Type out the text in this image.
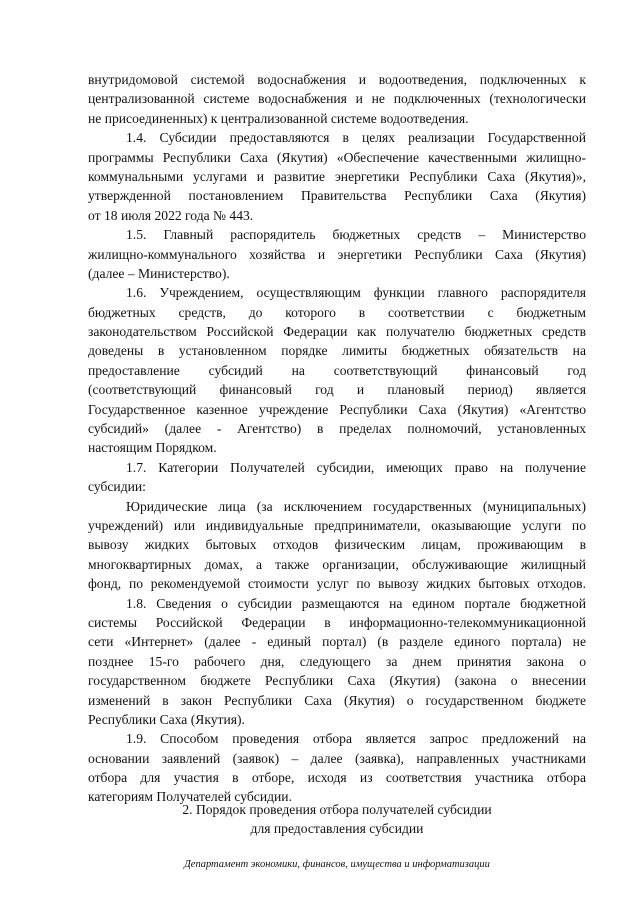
внутридомовой системой водоснабжения и водоотведения, подключенных к
централизованной системе водоснабжения и не подключенных (технологически
не присоединенных) к централизованной системе водоотведения.
1.4. Субсидии предоставляются в целях реализации Государственной
программы Республики Саха (Якутия) «Обеспечение качественными жилищно-
коммунальными услугами и развитие энергетики Республики Саха (Якутия)»,
утвержденной постановлением Правительства Республики Саха (Якутия)
от 18 июля 2022 года № 443.
1.5. Главный распорядитель бюджетных средств – Министерство
жилищно-коммунального хозяйства и энергетики Республики Саха (Якутия)
(далее – Министерство).
1.6. Учреждением, осуществляющим функции главного распорядителя
бюджетных средств, до которого в соответствии с бюджетным
законодательством Российской Федерации как получателю бюджетных средств
доведены в установленном порядке лимиты бюджетных обязательств на
предоставление субсидий на соответствующий финансовый год
(соответствующий финансовый год и плановый период) является
Государственное казенное учреждение Республики Саха (Якутия) «Агентство
субсидий» (далее - Агентство) в пределах полномочий, установленных
настоящим Порядком.
1.7. Категории Получателей субсидии, имеющих право на получение
субсидии:
Юридические лица (за исключением государственных (муниципальных)
учреждений) или индивидуальные предприниматели, оказывающие услуги по
вывозу жидких бытовых отходов физическим лицам, проживающим в
многоквартирных домах, а также организации, обслуживающие жилищный
фонд, по рекомендуемой стоимости услуг по вывозу жидких бытовых отходов.
1.8. Сведения о субсидии размещаются на едином портале бюджетной
системы Российской Федерации в информационно-телекоммуникационной
сети «Интернет» (далее - единый портал) (в разделе единого портала) не
позднее 15-го рабочего дня, следующего за днем принятия закона о
государственном бюджете Республики Саха (Якутия) (закона о внесении
изменений в закон Республики Саха (Якутия) о государственном бюджете
Республики Саха (Якутия).
1.9. Способом проведения отбора является запрос предложений на
основании заявлений (заявок) – далее (заявка), направленных участниками
отбора для участия в отборе, исходя из соответствия участника отбора
категориям Получателей субсидии.
2. Порядок проведения отбора получателей субсидии
для предоставления субсидии
Департамент экономики, финансов, имущества и информатизации
